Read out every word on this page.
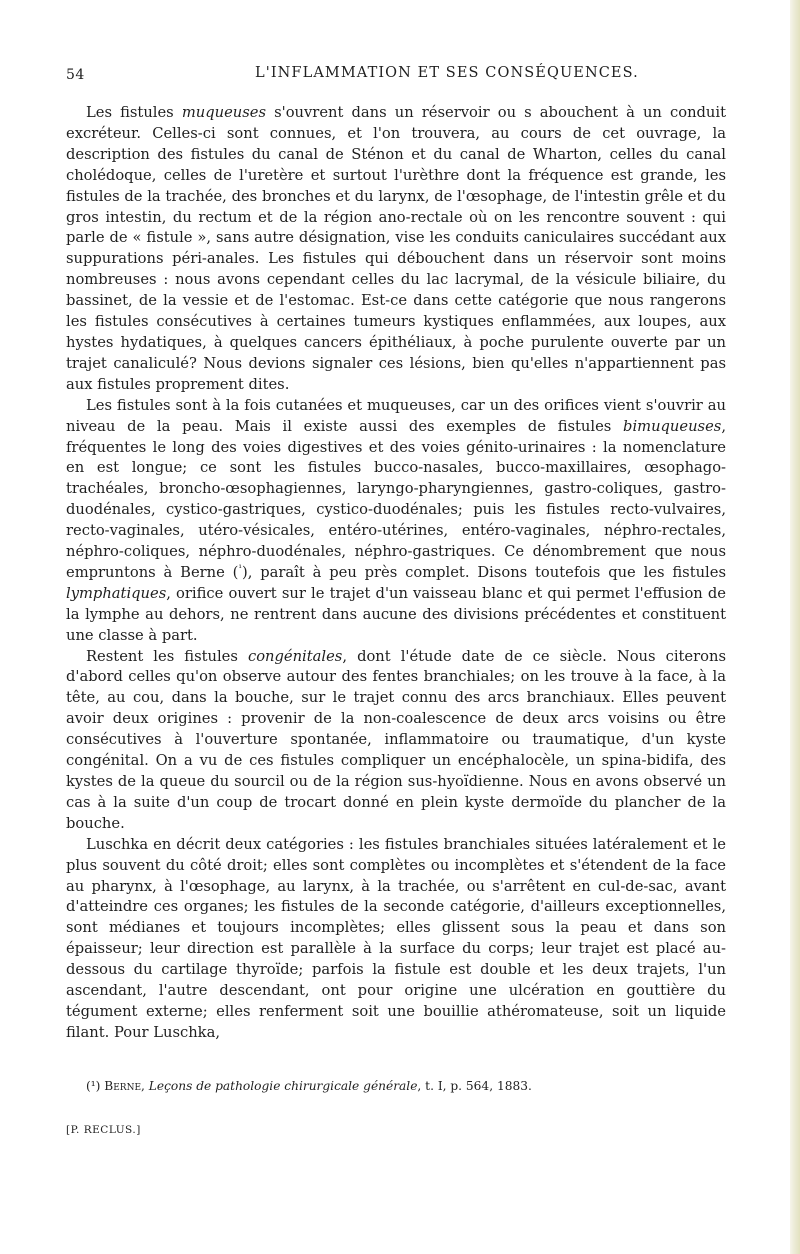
54	L'INFLAMMATION ET SES CONSÉQUENCES.

Les fistules muqueuses s'ouvrent dans un réservoir ou s abouchent à un conduit excréteur. Celles-ci sont connues, et l'on trouvera, au cours de cet ouvrage, la description des fistules du canal de Sténon et du canal de Wharton, celles du canal cholédoque, celles de l'uretère et surtout l'urèthre dont la fréquence est grande, les fistules de la trachée, des bronches et du larynx, de l'œsophage, de l'intestin grêle et du gros intestin, du rectum et de la région ano-rectale où on les rencontre souvent : qui parle de « fistule », sans autre désignation, vise les conduits caniculaires succédant aux suppurations péri-anales. Les fistules qui débouchent dans un réservoir sont moins nombreuses : nous avons cependant celles du lac lacrymal, de la vésicule biliaire, du bassinet, de la vessie et de l'estomac. Est-ce dans cette catégorie que nous rangerons les fistules consécutives à certaines tumeurs kystiques enflammées, aux loupes, aux hystes hydatiques, à quelques cancers épithéliaux, à poche purulente ouverte par un trajet canaliculé? Nous devions signaler ces lésions, bien qu'elles n'appartiennent pas aux fistules proprement dites.

Les fistules sont à la fois cutanées et muqueuses, car un des orifices vient s'ouvrir au niveau de la peau. Mais il existe aussi des exemples de fistules bimuqueuses, fréquentes le long des voies digestives et des voies génito-urinaires : la nomenclature en est longue; ce sont les fistules bucco-nasales, bucco-maxillaires, œsophago-trachéales, broncho-œsophagiennes, laryngo-pharyngiennes, gastro-coliques, gastro-duodénales, cystico-gastriques, cystico-duodénales; puis les fistules recto-vulvaires, recto-vaginales, utéro-vésicales, entéro-utérines, entéro-vaginales, néphro-rectales, néphro-coliques, néphro-duodénales, néphro-gastriques. Ce dénombrement que nous empruntons à Berne ($^{^1}$), paraît à peu près complet. Disons toutefois que les fistules lymphatiques, orifice ouvert sur le trajet d'un vaisseau blanc et qui permet l'effusion de la lymphe au dehors, ne rentrent dans aucune des divisions précédentes et constituent une classe à part.

Restent les fistules congénitales, dont l'étude date de ce siècle. Nous citerons d'abord celles qu'on observe autour des fentes branchiales; on les trouve à la face, à la tête, au cou, dans la bouche, sur le trajet connu des arcs branchiaux. Elles peuvent avoir deux origines : provenir de la non-coalescence de deux arcs voisins ou être consécutives à l'ouverture spontanée, inflammatoire ou traumatique, d'un kyste congénital. On a vu de ces fistules compliquer un encéphalocèle, un spina-bidifa, des kystes de la queue du sourcil ou de la région sus-hyoïdienne. Nous en avons observé un cas à la suite d'un coup de trocart donné en plein kyste dermoïde du plancher de la bouche.

Luschka en décrit deux catégories : les fistules branchiales situées latéralement et le plus souvent du côté droit; elles sont complètes ou incomplètes et s'étendent de la face au pharynx, à l'œsophage, au larynx, à la trachée, ou s'arrêtent en cul-de-sac, avant d'atteindre ces organes; les fistules de la seconde catégorie, d'ailleurs exceptionnelles, sont médianes et toujours incomplètes; elles glissent sous la peau et dans son épaisseur; leur direction est parallèle à la surface du corps; leur trajet est placé au-dessous du cartilage thyroïde; parfois la fistule est double et les deux trajets, l'un ascendant, l'autre descendant, ont pour origine une ulcération en gouttière du tégument externe; elles renferment soit une bouillie athéromateuse, soit un liquide filant. Pour Luschka,

(¹) Berne, Leçons de pathologie chirurgicale générale, t. I, p. 564, 1883.
[P. RECLUS.]
